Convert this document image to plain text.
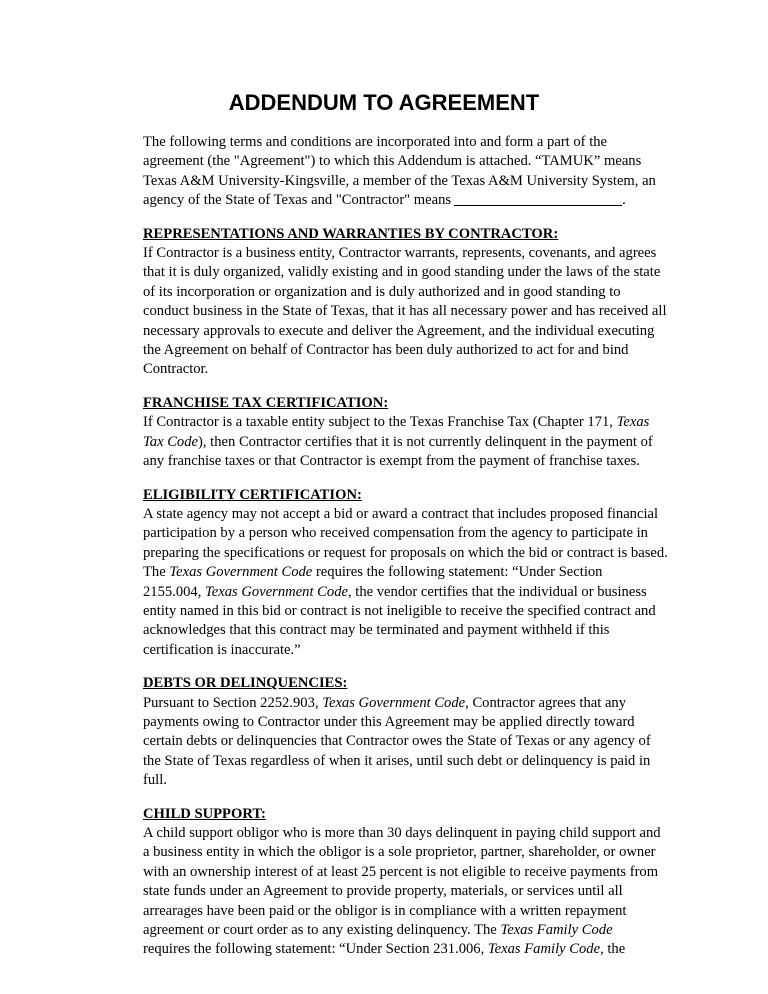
ADDENDUM TO AGREEMENT

The following terms and conditions are incorporated into and form a part of the
agreement (the "Agreement") to which this Addendum is attached. “TAMUK” means
Texas A&M University-Kingsville, a member of the Texas A&M University System, an
agency of the State of Texas and "Contractor" means	.

REPRESENTATIONS AND WARRANTIES BY CONTRACTOR:
If Contractor is a business entity, Contractor warrants, represents, covenants, and agrees
that it is duly organized, validly existing and in good standing under the laws of the state
of its incorporation or organization and is duly authorized and in good standing to
conduct business in the State of Texas, that it has all necessary power and has received all
necessary approvals to execute and deliver the Agreement, and the individual executing
the Agreement on behalf of Contractor has been duly authorized to act for and bind
Contractor.

FRANCHISE TAX CERTIFICATION:
If Contractor is a taxable entity subject to the Texas Franchise Tax (Chapter 171, Texas
Tax Code), then Contractor certifies that it is not currently delinquent in the payment of
any franchise taxes or that Contractor is exempt from the payment of franchise taxes.

ELIGIBILITY CERTIFICATION:
A state agency may not accept a bid or award a contract that includes proposed financial
participation by a person who received compensation from the agency to participate in
preparing the specifications or request for proposals on which the bid or contract is based.
The Texas Government Code requires the following statement: “Under Section
2155.004, Texas Government Code, the vendor certifies that the individual or business
entity named in this bid or contract is not ineligible to receive the specified contract and
acknowledges that this contract may be terminated and payment withheld if this
certification is inaccurate.”

DEBTS OR DELINQUENCIES:
Pursuant to Section 2252.903, Texas Government Code, Contractor agrees that any
payments owing to Contractor under this Agreement may be applied directly toward
certain debts or delinquencies that Contractor owes the State of Texas or any agency of
the State of Texas regardless of when it arises, until such debt or delinquency is paid in
full.

CHILD SUPPORT:
A child support obligor who is more than 30 days delinquent in paying child support and
a business entity in which the obligor is a sole proprietor, partner, shareholder, or owner
with an ownership interest of at least 25 percent is not eligible to receive payments from
state funds under an Agreement to provide property, materials, or services until all
arrearages have been paid or the obligor is in compliance with a written repayment
agreement or court order as to any existing delinquency. The Texas Family Code
requires the following statement: “Under Section 231.006, Texas Family Code, the
